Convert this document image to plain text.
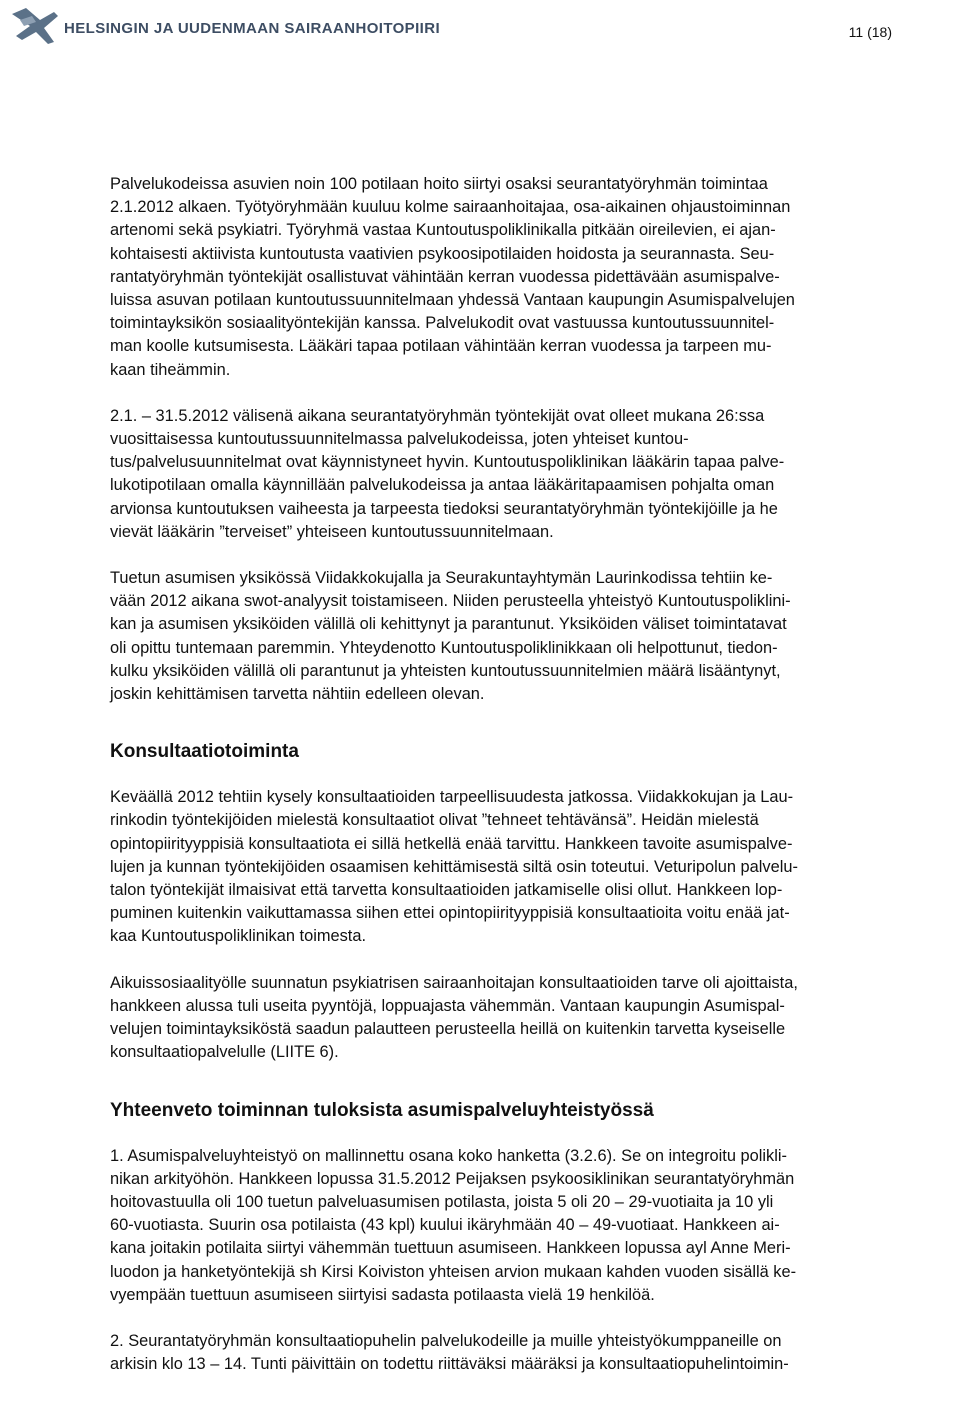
HELSINGIN JA UUDENMAAN SAIRAANHOITOPIIRI	11 (18)
Palvelukodeissa asuvien noin 100 potilaan hoito siirtyi osaksi seurantatyöryhmän toimintaa
2.1.2012 alkaen. Työtyöryhmään kuuluu kolme sairaanhoitajaa, osa-aikainen ohjaustoiminnan
artenomi sekä psykiatri. Työryhmä vastaa Kuntoutuspoliklinikalla pitkään oireilevien, ei ajan-
kohtaisesti aktiivista kuntoutusta vaativien psykoosipotilaiden hoidosta ja seurannasta. Seu-
rantatyöryhmän työntekijät osallistuvat vähintään kerran vuodessa pidettävään asumispalve-
luissa asuvan potilaan kuntoutussuunnitelmaan yhdessä Vantaan kaupungin Asumispalvelujen
toimintayksikön sosiaalityöntekijän kanssa. Palvelukodit ovat vastuussa kuntoutussuunnitel-
man koolle kutsumisesta. Lääkäri tapaa potilaan vähintään kerran vuodessa ja tarpeen mu-
kaan tiheämmin.
2.1. – 31.5.2012 välisenä aikana seurantatyöryhmän työntekijät ovat olleet mukana 26:ssa
vuosittaisessa kuntoutussuunnitelmassa palvelukodeissa, joten yhteiset kuntou-
tus/palvelusuunnitelmat ovat käynnistyneet hyvin. Kuntoutuspoliklinikan lääkärin tapaa palve-
lukotipotilaan omalla käynnillään palvelukodeissa ja antaa lääkäritapaamisen pohjalta oman
arvionsa kuntoutuksen vaiheesta ja tarpeesta tiedoksi seurantatyöryhmän työntekijöille ja he
vievät lääkärin ”terveiset” yhteiseen kuntoutussuunnitelmaan.
Tuetun asumisen yksikössä Viidakkokujalla ja Seurakuntayhtymän Laurinkodissa tehtiin ke-
vään 2012 aikana swot-analyysit toistamiseen. Niiden perusteella yhteistyö Kuntoutuspoliklini-
kan ja asumisen yksiköiden välillä oli kehittynyt ja parantunut. Yksiköiden väliset toimintatavat
oli opittu tuntemaan paremmin. Yhteydenotto Kuntoutuspoliklinikkaan oli helpottunut, tiedon-
kulku yksiköiden välillä oli parantunut ja yhteisten kuntoutussuunnitelmien määrä lisääntynyt,
joskin kehittämisen tarvetta nähtiin edelleen olevan.
Konsultaatiotoiminta
Keväällä 2012 tehtiin kysely konsultaatioiden tarpeellisuudesta jatkossa. Viidakkokujan ja Lau-
rinkodin työntekijöiden mielestä konsultaatiot olivat ”tehneet tehtävänsä”. Heidän mielestä
opintopiirityyppisiä konsultaatiota ei sillä hetkellä enää tarvittu. Hankkeen tavoite asumispalve-
lujen ja kunnan työntekijöiden osaamisen kehittämisestä siltä osin toteutui. Veturipolun palvelu-
talon työntekijät ilmaisivat että tarvetta konsultaatioiden jatkamiselle olisi ollut. Hankkeen lop-
puminen kuitenkin vaikuttamassa siihen ettei opintopiirityyppisiä konsultaatioita voitu enää jat-
kaa Kuntoutuspoliklinikan toimesta.
Aikuissosiaalityölle suunnatun psykiatrisen sairaanhoitajan konsultaatioiden tarve oli ajoittaista,
hankkeen alussa tuli useita pyyntöjä, loppuajasta vähemmän. Vantaan kaupungin Asumispal-
velujen toimintayksiköstä saadun palautteen perusteella heillä on kuitenkin tarvetta kyseiselle
konsultaatiopalvelulle (LIITE 6).
Yhteenveto toiminnan tuloksista asumispalveluyhteistyössä
1. Asumispalveluyhteistyö on mallinnettu osana koko hanketta (3.2.6). Se on integroitu polikli-
nikan arkityöhön. Hankkeen lopussa 31.5.2012 Peijaksen psykoosiklinikan seurantatyöryhmän
hoitovastuulla oli 100 tuetun palveluasumisen potilasta, joista 5 oli 20 – 29-vuotiaita ja 10 yli
60-vuotiasta. Suurin osa potilaista (43 kpl) kuului ikäryhmään 40 – 49-vuotiaat. Hankkeen ai-
kana joitakin potilaita siirtyi vähemmän tuettuun asumiseen. Hankkeen lopussa ayl Anne Meri-
luodon ja hanketyöntekijä sh Kirsi Koiviston yhteisen arvion mukaan kahden vuoden sisällä ke-
vyempään tuettuun asumiseen siirtyisi sadasta potilaasta vielä 19 henkilöä.
2. Seurantatyöryhmän konsultaatiopuhelin palvelukodeille ja muille yhteistyökumppaneille on
arkisin klo 13 – 14. Tunti päivittäin on todettu riittäväksi määräksi ja konsultaatiopuhelintoimin-
